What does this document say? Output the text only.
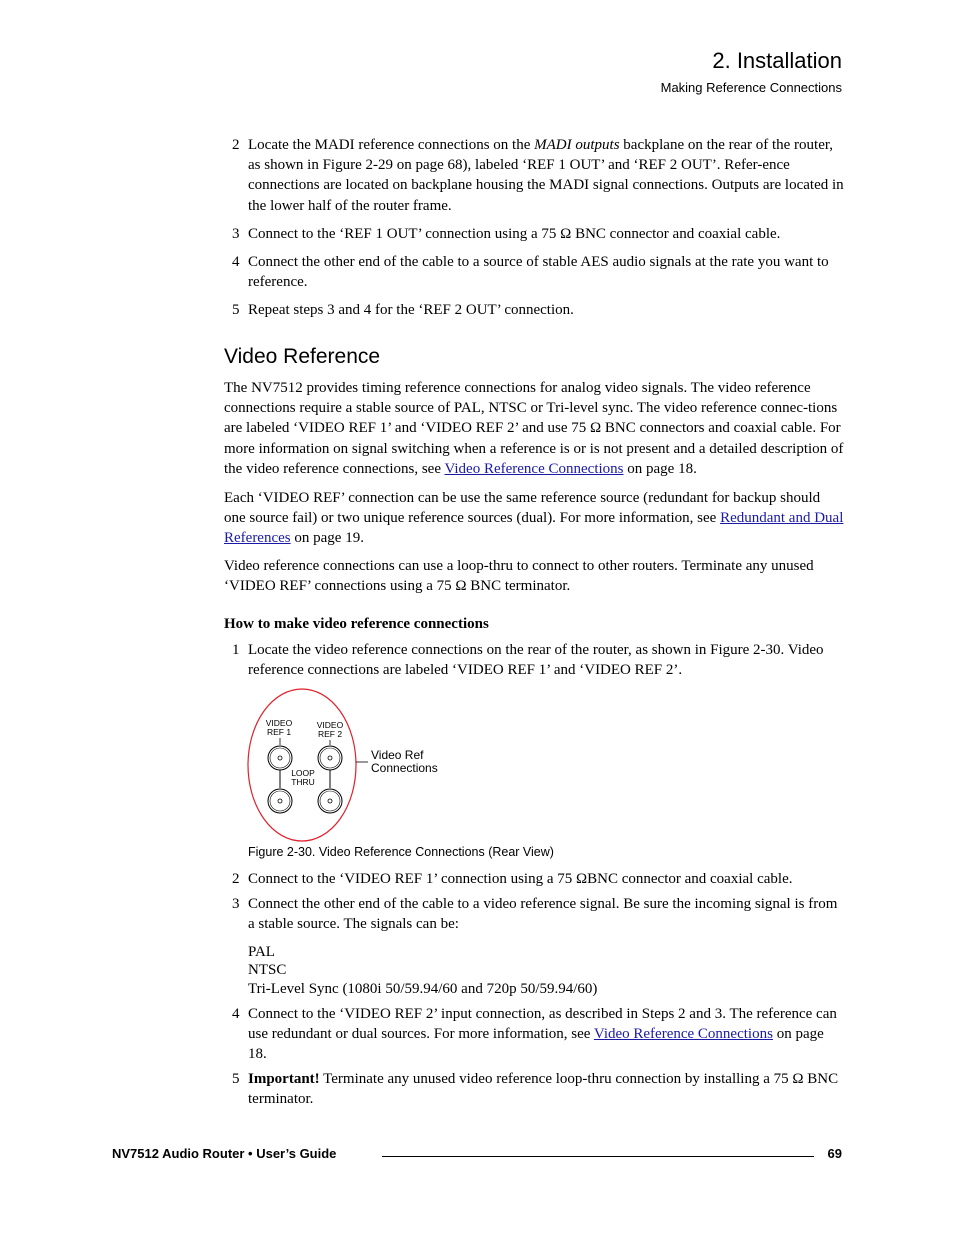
2. Installation
Making Reference Connections
2 Locate the MADI reference connections on the MADI outputs backplane on the rear of the router, as shown in Figure 2-29 on page 68), labeled ‘REF 1 OUT’ and ‘REF 2 OUT’. Refer-ence connections are located on backplane housing the MADI signal connections. Outputs are located in the lower half of the router frame.
3 Connect to the ‘REF 1 OUT’ connection using a 75 Ω BNC connector and coaxial cable.
4 Connect the other end of the cable to a source of stable AES audio signals at the rate you want to reference.
5 Repeat steps 3 and 4 for the ‘REF 2 OUT’ connection.
Video Reference
The NV7512 provides timing reference connections for analog video signals. The video reference connections require a stable source of PAL, NTSC or Tri-level sync. The video reference connec-tions are labeled ‘VIDEO REF 1’ and ‘VIDEO REF 2’ and use 75 Ω BNC connectors and coaxial cable. For more information on signal switching when a reference is or is not present and a detailed description of the video reference connections, see Video Reference Connections on page 18.
Each ‘VIDEO REF’ connection can be use the same reference source (redundant for backup should one source fail) or two unique reference sources (dual). For more information, see Redundant and Dual References on page 19.
Video reference connections can use a loop-thru to connect to other routers. Terminate any unused ‘VIDEO REF’ connections using a 75 Ω BNC terminator.
How to make video reference connections
1 Locate the video reference connections on the rear of the router, as shown in Figure 2-30. Video reference connections are labeled ‘VIDEO REF 1’ and ‘VIDEO REF 2’.
VIDEO
REF 1
VIDEO
REF 2
LOOP
THRU
Video Ref
Connections
Figure 2-30. Video Reference Connections (Rear View)
2 Connect to the ‘VIDEO REF 1’ connection using a 75 ΩBNC connector and coaxial cable.
3 Connect the other end of the cable to a video reference signal. Be sure the incoming signal is from a stable source. The signals can be:
PAL
NTSC
Tri-Level Sync (1080i 50/59.94/60 and 720p 50/59.94/60)
4 Connect to the ‘VIDEO REF 2’ input connection, as described in Steps 2 and 3. The reference can use redundant or dual sources. For more information, see Video Reference Connections on page 18.
5 Important! Terminate any unused video reference loop-thru connection by installing a 75 Ω BNC terminator.
NV7512 Audio Router • User’s Guide	69
